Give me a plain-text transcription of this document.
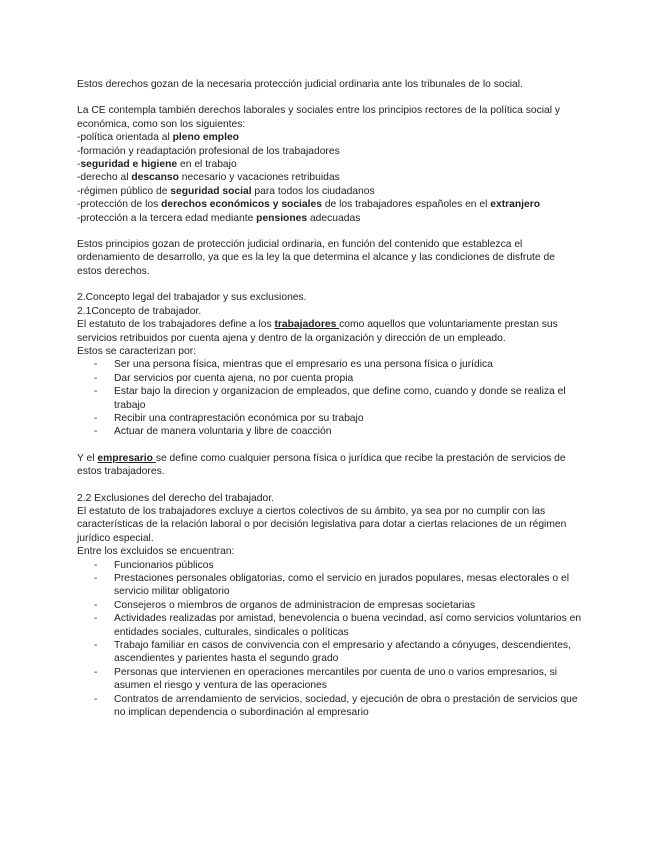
Estos derechos gozan de la necesaria protección judicial ordinaria ante los tribunales de lo social.

La CE contempla también derechos laborales y sociales entre los principios rectores de la política social y económica, como son los siguientes:

-política orientada al pleno empleo

-formación y readaptación profesional de los trabajadores

-seguridad e higiene en el trabajo

-derecho al descanso necesario y vacaciones retribuidas

-régimen público de seguridad social para todos los ciudadanos

-protección de los derechos económicos y sociales de los trabajadores españoles en el extranjero

-protección a la tercera edad mediante pensiones adecuadas

Estos principios gozan de protección judicial ordinaria, en función del contenido que establezca el ordenamiento de desarrollo, ya que es la ley la que determina el alcance y las condiciones de disfrute de estos derechos.

2.Concepto legal del trabajador y sus exclusiones.

2.1Concepto de trabajador.

El estatuto de los trabajadores define a los trabajadores como aquellos que voluntariamente prestan sus servicios retribuidos por cuenta ajena y dentro de la organización y dirección de un empleado.

Estos se caracterizan por:

- Ser una persona física, mientras que el empresario es una persona física o jurídica
- Dar servicios por cuenta ajena, no por cuenta propia
- Estar bajo la direcion y organizacion de empleados, que define como, cuando y donde se realiza el trabajo
- Recibir una contraprestación económica por su trabajo
- Actuar de manera voluntaria y libre de coacción

Y el empresario se define como cualquier persona física o jurídica que recibe la prestación de servicios de estos trabajadores.

2.2 Exclusiones del derecho del trabajador.

El estatuto de los trabajadores excluye a ciertos colectivos de su ámbito, ya sea por no cumplir con las características de la relación laboral o por decisión legislativa para dotar a ciertas relaciones de un régimen jurídico especial.

Entre los excluidos se encuentran:

- Funcionarios públicos
- Prestaciones personales obligatorias, como el servicio en jurados populares, mesas electorales o el servicio militar obligatorio
- Consejeros o miembros de organos de administracion de empresas societarias
- Actividades realizadas por amistad, benevolencia o buena vecindad, así como servicios voluntarios en entidades sociales, culturales, sindicales o políticas
- Trabajo familiar en casos de convivencia con el empresario y afectando a cónyuges, descendientes, ascendientes y parientes hasta el segundo grado
- Personas que intervienen en operaciones mercantiles por cuenta de uno o varios empresarios, si asumen el riesgo y ventura de las operaciones
- Contratos de arrendamiento de servicios, sociedad, y ejecución de obra o prestación de servicios que no implican dependencia o subordinación al empresario
